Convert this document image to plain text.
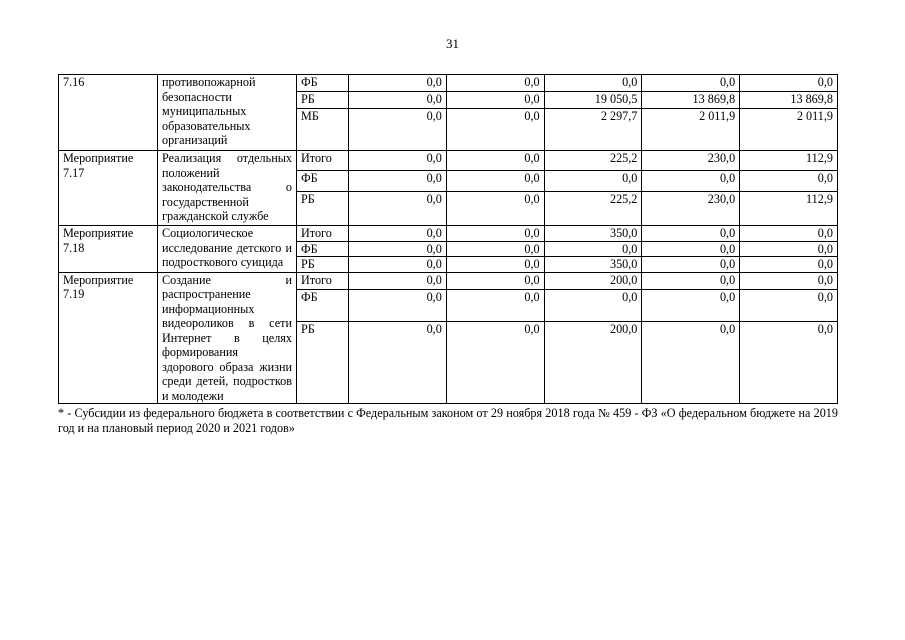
31
7.16	противопожарной безопасности муниципальных образовательных организаций	ФБ	0,0	0,0	0,0	0,0	0,0
		РБ	0,0	0,0	19 050,5	13 869,8	13 869,8
		МБ	0,0	0,0	2 297,7	2 011,9	2 011,9
Мероприятие 7.17	Реализация отдельных положений законодательства о государственной гражданской службе	Итого	0,0	0,0	225,2	230,0	112,9
		ФБ	0,0	0,0	0,0	0,0	0,0
		РБ	0,0	0,0	225,2	230,0	112,9
Мероприятие 7.18	Социологическое исследование детского и подросткового суицида	Итого	0,0	0,0	350,0	0,0	0,0
		ФБ	0,0	0,0	0,0	0,0	0,0
		РБ	0,0	0,0	350,0	0,0	0,0
Мероприятие 7.19	Создание и распространение информационных видеороликов в сети Интернет в целях формирования здорового образа жизни среди детей, подростков и молодежи	Итого	0,0	0,0	200,0	0,0	0,0
		ФБ	0,0	0,0	0,0	0,0	0,0
		РБ	0,0	0,0	200,0	0,0	0,0
* - Субсидии из федерального бюджета в соответствии с Федеральным законом от 29 ноября 2018 года № 459 - ФЗ «О федеральном бюджете на 2019 год и на плановый период 2020 и 2021 годов»
